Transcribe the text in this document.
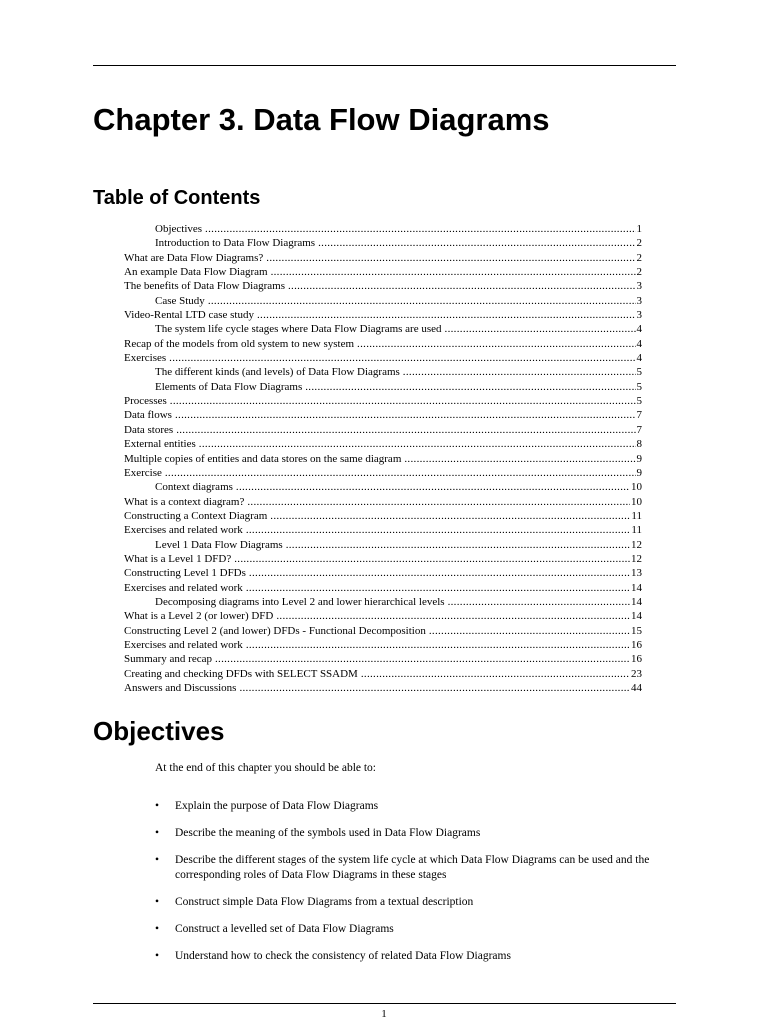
Chapter 3. Data Flow Diagrams
Table of Contents
Objectives .....	1
Introduction to Data Flow Diagrams .....	2
What are Data Flow Diagrams? .....	2
An example Data Flow Diagram .....	2
The benefits of Data Flow Diagrams .....	3
Case Study .....	3
Video-Rental LTD case study .....	3
The system life cycle stages where Data Flow Diagrams are used .....	4
Recap of the models from old system to new system .....	4
Exercises .....	4
The different kinds (and levels) of Data Flow Diagrams .....	5
Elements of Data Flow Diagrams .....	5
Processes .....	5
Data flows .....	7
Data stores .....	7
External entities .....	8
Multiple copies of entities and data stores on the same diagram .....	9
Exercise .....	9
Context diagrams .....	10
What is a context diagram? .....	10
Constructing a Context Diagram .....	11
Exercises and related work .....	11
Level 1 Data Flow Diagrams .....	12
What is a Level 1 DFD? .....	12
Constructing Level 1 DFDs .....	13
Exercises and related work .....	14
Decomposing diagrams into Level 2 and lower hierarchical levels .....	14
What is a Level 2 (or lower) DFD .....	14
Constructing Level 2 (and lower) DFDs - Functional Decomposition .....	15
Exercises and related work .....	16
Summary and recap .....	16
Creating and checking DFDs with SELECT SSADM .....	23
Answers and Discussions .....	44
Objectives

At the end of this chapter you should be able to:

• Explain the purpose of Data Flow Diagrams
• Describe the meaning of the symbols used in Data Flow Diagrams
• Describe the different stages of the system life cycle at which Data Flow Diagrams can be used and the corresponding roles of Data Flow Diagrams in these stages
• Construct simple Data Flow Diagrams from a textual description
• Construct a levelled set of Data Flow Diagrams
• Understand how to check the consistency of related Data Flow Diagrams
1
